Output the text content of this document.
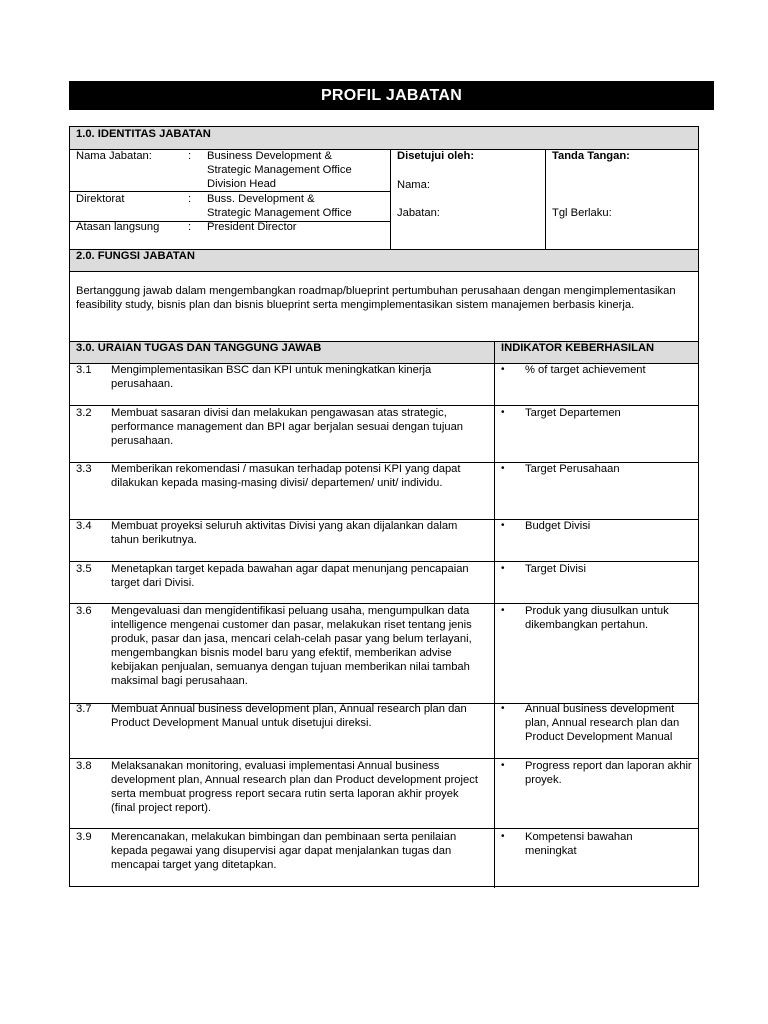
PROFIL JABATAN
1.0. IDENTITAS JABATAN
Nama Jabatan:	: Business Development &
Strategic Management Office
Division Head
Direktorat	: Buss. Development &
Strategic Management Office
Atasan langsung	: President Director
Disetujui oleh:
Nama:
Jabatan:
Tanda Tangan:
Tgl Berlaku:
2.0. FUNGSI JABATAN
Bertanggung jawab dalam mengembangkan roadmap/blueprint pertumbuhan perusahaan dengan mengimplementasikan feasibility study, bisnis plan dan bisnis blueprint serta mengimplementasikan sistem manajemen berbasis kinerja.
3.0. URAIAN TUGAS DAN TANGGUNG JAWAB	INDIKATOR KEBERHASILAN
3.1 Mengimplementasikan BSC dan KPI untuk meningkatkan kinerja perusahaan.
• % of target achievement
3.2 Membuat sasaran divisi dan melakukan pengawasan atas strategic, performance management dan BPI agar berjalan sesuai dengan tujuan perusahaan.
• Target Departemen
3.3 Memberikan rekomendasi / masukan terhadap potensi KPI yang dapat dilakukan kepada masing-masing divisi/ departemen/ unit/ individu.
• Target Perusahaan
3.4 Membuat proyeksi seluruh aktivitas Divisi yang akan dijalankan dalam tahun berikutnya.
• Budget Divisi
3.5 Menetapkan target kepada bawahan agar dapat menunjang pencapaian target dari Divisi.
• Target Divisi
3.6 Mengevaluasi dan mengidentifikasi peluang usaha, mengumpulkan data intelligence mengenai customer dan pasar, melakukan riset tentang jenis produk, pasar dan jasa, mencari celah-celah pasar yang belum terlayani, mengembangkan bisnis model baru yang efektif, memberikan advise kebijakan penjualan, semuanya dengan tujuan memberikan nilai tambah maksimal bagi perusahaan.
• Produk yang diusulkan untuk dikembangkan pertahun.
3.7 Membuat Annual business development plan, Annual research plan dan Product Development Manual untuk disetujui direksi.
• Annual business development plan, Annual research plan dan Product Development Manual
3.8 Melaksanakan monitoring, evaluasi implementasi Annual business development plan, Annual research plan dan Product development project serta membuat progress report secara rutin serta laporan akhir proyek (final project report).
• Progress report dan laporan akhir proyek.
3.9 Merencanakan, melakukan bimbingan dan pembinaan serta penilaian kepada pegawai yang disupervisi agar dapat menjalankan tugas dan mencapai target yang ditetapkan.
• Kompetensi bawahan meningkat
